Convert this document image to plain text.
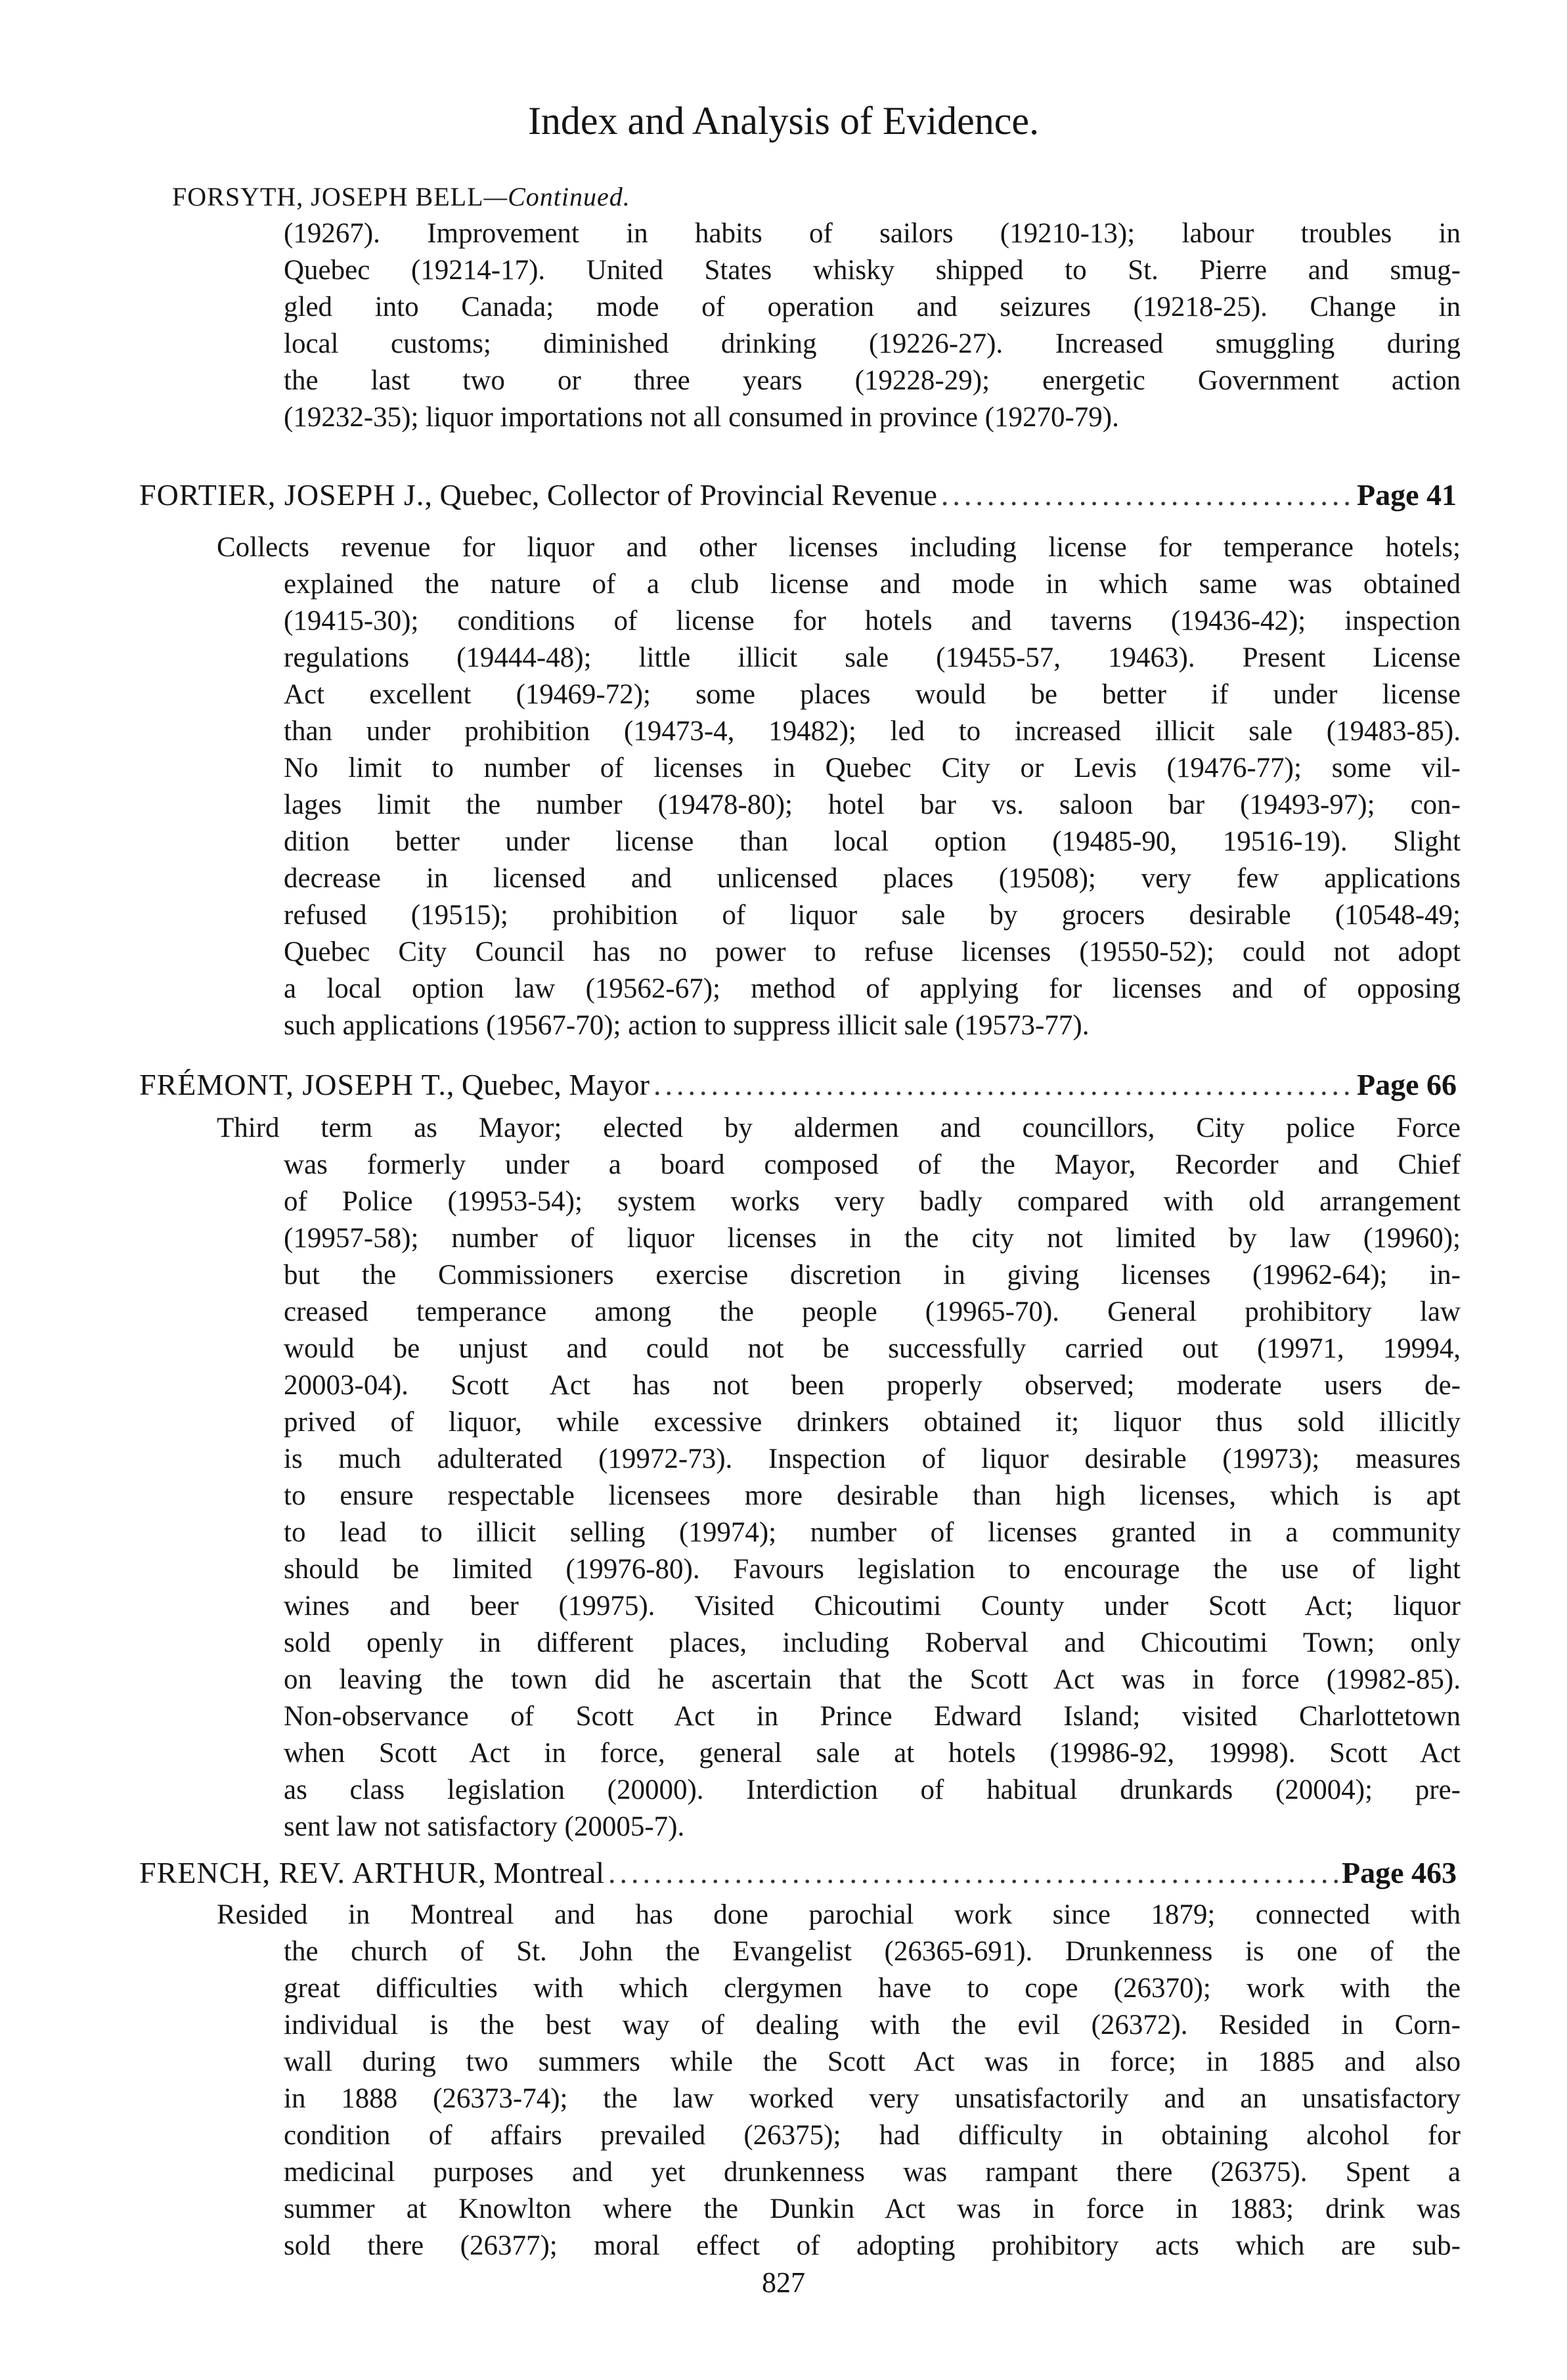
Index and Analysis of Evidence.
FORSYTH, JOSEPH BELL—Continued.
(19267). Improvement in habits of sailors (19210-13); labour troubles in
Quebec (19214-17). United States whisky shipped to St. Pierre and smug-
gled into Canada; mode of operation and seizures (19218-25). Change in
local customs; diminished drinking (19226-27). Increased smuggling during
the last two or three years (19228-29); energetic Government action
(19232-35); liquor importations not all consumed in province (19270-79).
FORTIER, JOSEPH J. , Quebec, Collector of Provincial Revenue .....	Page 41
Collects revenue for liquor and other licenses including license for temperance hotels;
explained the nature of a club license and mode in which same was obtained
(19415-30); conditions of license for hotels and taverns (19436-42); inspection
regulations (19444-48); little illicit sale (19455-57, 19463). Present License
Act excellent (19469-72); some places would be better if under license
than under prohibition (19473-4, 19482); led to increased illicit sale (19483-85).
No limit to number of licenses in Quebec City or Levis (19476-77); some vil-
lages limit the number (19478-80); hotel bar vs. saloon bar (19493-97); con-
dition better under license than local option (19485-90, 19516-19). Slight
decrease in licensed and unlicensed places (19508); very few applications
refused (19515); prohibition of liquor sale by grocers desirable (10548-49;
Quebec City Council has no power to refuse licenses (19550-52); could not adopt
a local option law (19562-67); method of applying for licenses and of opposing
such applications (19567-70); action to suppress illicit sale (19573-77).
FRÉMONT, JOSEPH T. , Quebec, Mayor .....	Page 66
Third term as Mayor; elected by aldermen and councillors, City police Force
was formerly under a board composed of the Mayor, Recorder and Chief
of Police (19953-54); system works very badly compared with old arrangement
(19957-58); number of liquor licenses in the city not limited by law (19960);
but the Commissioners exercise discretion in giving licenses (19962-64); in-
creased temperance among the people (19965-70). General prohibitory law
would be unjust and could not be successfully carried out (19971, 19994,
20003-04). Scott Act has not been properly observed; moderate users de-
prived of liquor, while excessive drinkers obtained it; liquor thus sold illicitly
is much adulterated (19972-73). Inspection of liquor desirable (19973); measures
to ensure respectable licensees more desirable than high licenses, which is apt
to lead to illicit selling (19974); number of licenses granted in a community
should be limited (19976-80). Favours legislation to encourage the use of light
wines and beer (19975). Visited Chicoutimi County under Scott Act; liquor
sold openly in different places, including Roberval and Chicoutimi Town; only
on leaving the town did he ascertain that the Scott Act was in force (19982-85).
Non-observance of Scott Act in Prince Edward Island; visited Charlottetown
when Scott Act in force, general sale at hotels (19986-92, 19998). Scott Act
as class legislation (20000). Interdiction of habitual drunkards (20004); pre-
sent law not satisfactory (20005-7).
FRENCH, REV. ARTHUR , Montreal .....	Page 463
Resided in Montreal and has done parochial work since 1879; connected with
the church of St. John the Evangelist (26365-691). Drunkenness is one of the
great difficulties with which clergymen have to cope (26370); work with the
individual is the best way of dealing with the evil (26372). Resided in Corn-
wall during two summers while the Scott Act was in force; in 1885 and also
in 1888 (26373-74); the law worked very unsatisfactorily and an unsatisfactory
condition of affairs prevailed (26375); had difficulty in obtaining alcohol for
medicinal purposes and yet drunkenness was rampant there (26375). Spent a
summer at Knowlton where the Dunkin Act was in force in 1883; drink was
sold there (26377); moral effect of adopting prohibitory acts which are sub-
827
